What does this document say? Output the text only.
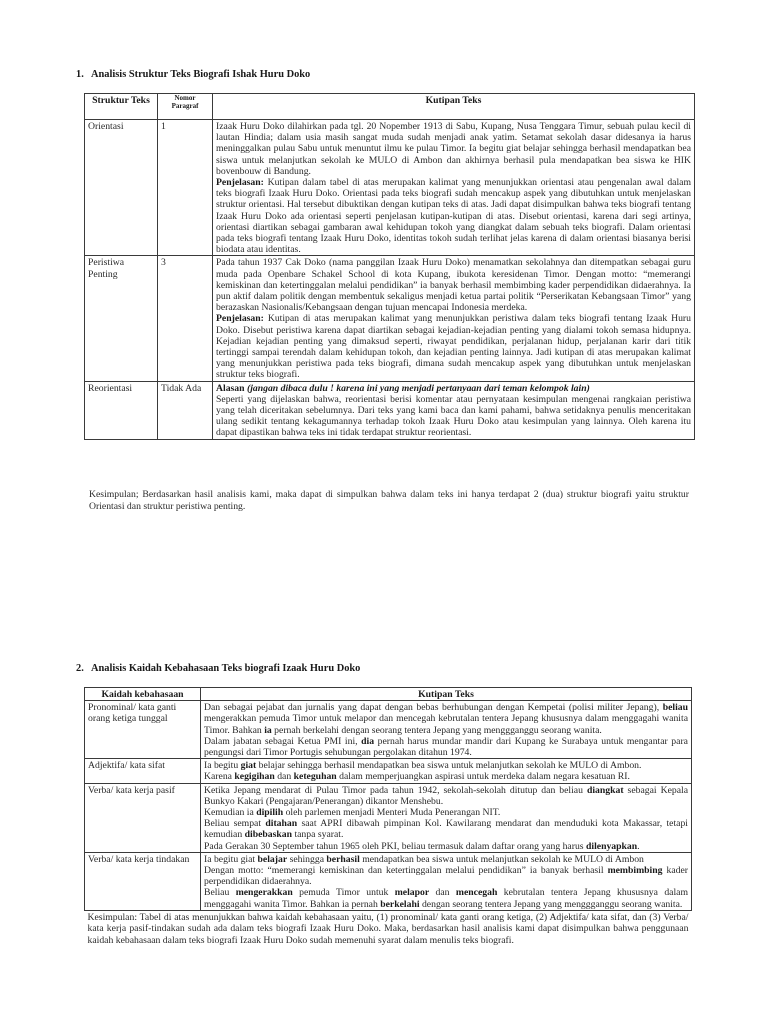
1.   Analisis Struktur Teks Biografi Ishak Huru Doko
Struktur Teks	Nomor Paragraf	Kutipan Teks
Orientasi	1	Izaak Huru Doko dilahirkan pada tgl. 20 Nopember 1913 di Sabu, Kupang, Nusa Tenggara Timur, sebuah pulau kecil di lautan Hindia; dalam usia masih sangat muda sudah menjadi anak yatim. Setamat sekolah dasar didesanya ia harus meninggalkan pulau Sabu untuk menuntut ilmu ke pulau Timor. Ia begitu giat belajar sehingga berhasil mendapatkan bea siswa untuk melanjutkan sekolah ke MULO di Ambon dan akhirnya berhasil pula mendapatkan bea siswa ke HIK bovenbouw di Bandung.
Penjelasan: Kutipan dalam tabel di atas merupakan kalimat yang menunjukkan orientasi atau pengenalan awal dalam teks biografi Izaak Huru Doko. Orientasi pada teks biografi sudah mencakup aspek yang dibutuhkan untuk menjelaskan struktur orientasi. Hal tersebut dibuktikan dengan kutipan teks di atas. Jadi dapat disimpulkan bahwa teks biografi tentang Izaak Huru Doko ada orientasi seperti penjelasan kutipan-kutipan di atas. Disebut orientasi, karena dari segi artinya, orientasi diartikan sebagai gambaran awal kehidupan tokoh yang diangkat dalam sebuah teks biografi. Dalam orientasi pada teks biografi tentang Izaak Huru Doko, identitas tokoh sudah terlihat jelas karena di dalam orientasi biasanya berisi biodata atau identitas.

Peristiwa Penting	3	Pada tahun 1937 Cak Doko (nama panggilan Izaak Huru Doko) menamatkan sekolahnya dan ditempatkan sebagai guru muda pada Openbare Schakel School di kota Kupang, ibukota keresidenan Timor. Dengan motto: “memerangi kemiskinan dan ketertinggalan melalui pendidikan” ia banyak berhasil membimbing kader perpendidikan didaerahnya. Ia pun aktif dalam politik dengan membentuk sekaligus menjadi ketua partai politik “Perserikatan Kebangsaan Timor” yang berazaskan Nasionalis/Kebangsaan dengan tujuan mencapai Indonesia merdeka.
Penjelasan: Kutipan di atas merupakan kalimat yang menunjukkan peristiwa dalam teks biografi tentang Izaak Huru Doko. Disebut peristiwa karena dapat diartikan sebagai kejadian-kejadian penting yang dialami tokoh semasa hidupnya. Kejadian kejadian penting yang dimaksud seperti, riwayat pendidikan, perjalanan hidup, perjalanan karir dari titik tertinggi sampai terendah dalam kehidupan tokoh, dan kejadian penting lainnya. Jadi kutipan di atas merupakan kalimat yang menunjukkan peristiwa pada teks biografi, dimana sudah mencakup aspek yang dibutuhkan untuk menjelaskan struktur teks biografi.

Reorientasi	Tidak Ada	Alasan (jangan dibaca dulu ! karena ini yang menjadi pertanyaan dari teman kelompok lain)
Seperti yang dijelaskan bahwa, reorientasi berisi komentar atau pernyataan kesimpulan mengenai rangkaian peristiwa yang telah diceritakan sebelumnya. Dari teks yang kami baca dan kami pahami, bahwa setidaknya penulis menceritakan ulang sedikit tentang kekagumannya terhadap tokoh Izaak Huru Doko atau kesimpulan yang lainnya. Oleh karena itu dapat dipastikan bahwa teks ini tidak terdapat struktur reorientasi.
Kesimpulan; Berdasarkan hasil analisis kami, maka dapat di simpulkan bahwa dalam teks ini hanya terdapat 2 (dua) struktur biografi yaitu struktur Orientasi dan struktur peristiwa penting.
2.   Analisis Kaidah Kebahasaan Teks biografi Izaak Huru Doko
Kaidah kebahasaan	Kutipan Teks
Pronominal/ kata ganti orang ketiga tunggal	Dan sebagai pejabat dan jurnalis yang dapat dengan bebas berhubungan dengan Kempetai (polisi militer Jepang), beliau mengerakkan pemuda Timor untuk melapor dan mencegah kebrutalan tentera Jepang khususnya dalam menggagahi wanita Timor. Bahkan ia pernah berkelahi dengan seorang tentera Jepang yang menggganggu seorang wanita.
Dalam jabatan sebagai Ketua PMI ini, dia pernah harus mundar mandir dari Kupang ke Surabaya untuk mengantar para pengungsi dari Timor Portugis sehubungan pergolakan ditahun 1974.

Adjektifa/ kata sifat	Ia begitu giat belajar sehingga berhasil mendapatkan bea siswa untuk melanjutkan sekolah ke MULO di Ambon.
Karena kegigihan dan keteguhan dalam memperjuangkan aspirasi untuk merdeka dalam negara kesatuan RI.

Verba/ kata kerja pasif	Ketika Jepang mendarat di Pulau Timor pada tahun 1942, sekolah-sekolah ditutup dan beliau diangkat sebagai Kepala Bunkyo Kakari (Pengajaran/Penerangan) dikantor Menshebu.
Kemudian ia dipilih oleh parlemen menjadi Menteri Muda Penerangan NIT.
Beliau sempat ditahan saat APRI dibawah pimpinan Kol. Kawilarang mendarat dan menduduki kota Makassar, tetapi kemudian dibebaskan tanpa syarat.
Pada Gerakan 30 September tahun 1965 oleh PKI, beliau termasuk dalam daftar orang yang harus dilenyapkan.

Verba/ kata kerja tindakan	Ia begitu giat belajar sehingga berhasil mendapatkan bea siswa untuk melanjutkan sekolah ke MULO di Ambon
Dengan motto: “memerangi kemiskinan dan ketertinggalan melalui pendidikan” ia banyak berhasil membimbing kader perpendidikan didaerahnya.
Beliau mengerakkan pemuda Timor untuk melapor dan mencegah kebrutalan tentera Jepang khususnya dalam menggagahi wanita Timor. Bahkan ia pernah berkelahi dengan seorang tentera Jepang yang menggganggu seorang wanita.

Kesimpulan: Tabel di atas menunjukkan bahwa kaidah kebahasaan yaitu, (1) pronominal/ kata ganti orang ketiga, (2) Adjektifa/ kata sifat, dan (3) Verba/ kata kerja pasif-tindakan sudah ada dalam teks biografi Izaak Huru Doko. Maka, berdasarkan hasil analisis kami dapat disimpulkan bahwa penggunaan kaidah kebahasaan dalam teks biografi Izaak Huru Doko sudah memenuhi syarat dalam menulis teks biografi.	
